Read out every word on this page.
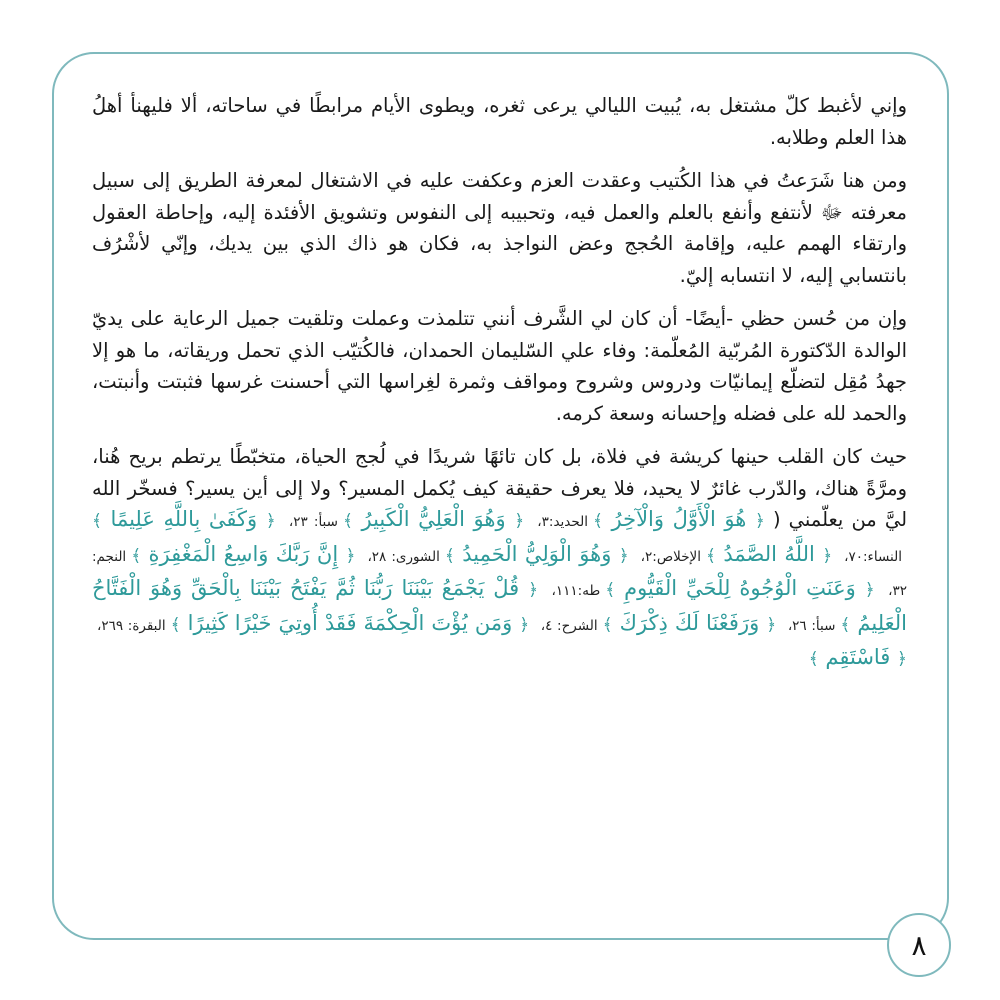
وإني لأغبط كلّ مشتغل به، يُبيت الليالي يرعى ثغره، ويطوى الأيام مرابطًا في ساحاته، ألا فليهنأ أهلُ هذا العلم وطلابه.

ومن هنا شَرَعتُ في هذا الكُتيب وعقدت العزم وعكفت عليه في الاشتغال لمعرفة الطريق إلى سبيل معرفته ﷻ لأنتفع وأنفع بالعلم والعمل فيه، وتحبيبه إلى النفوس وتشويق الأفئدة إليه، وإحاطة العقول وارتقاء الهمم عليه، وإقامة الحُجج وعض النواجذ به، فكان هو ذاك الذي بين يديك، وإنّي لأشْرُف بانتسابي إليه، لا انتسابه إليّ.

وإن من حُسن حظي -أيضًا- أن كان لي الشَّرف أنني تتلمذت وعملت وتلقيت جميل الرعاية على يديّ الوالدة الدّكتورة المُربّية المُعلّمة: وفاء علي السّليمان الحمدان، فالكُتيّب الذي تحمل وريقاته، ما هو إلا جهدُ مُقِل لتضلّع إيمانيّات ودروس وشروح ومواقف وثمرة لغِراسها التي أحسنت غرسها فثبتت وأنبتت، والحمد لله على فضله وإحسانه وسعة كرمه.

حيث كان القلب حينها كريشة في فلاة، بل كان تائهًا شريدًا في لُجج الحياة، متخبّطًا يرتطم بريح هُنا، ومرَّةً هناك، والدّرب غائرٌ لا يحيد، فلا يعرف حقيقة كيف يُكمل المسير؟ ولا إلى أين يسير؟ فسخّر الله ليَّ من يعلّمني ( ﴿ هُوَ الْأَوَّلُ وَالْآخِرُ ﴾الحديد:٣، ﴿ وَهُوَ الْعَلِيُّ الْكَبِيرُ ﴾سبأ: ٢٣، ﴿ وَكَفَىٰ بِاللَّهِ عَلِيمًا ﴾النساء:٧٠، ﴿ اللَّهُ الصَّمَدُ ﴾الإخلاص:٢، ﴿ وَهُوَ الْوَلِيُّ الْحَمِيدُ ﴾الشورى: ٢٨، ﴿ إِنَّ رَبَّكَ وَاسِعُ الْمَغْفِرَةِ ﴾النجم: ٣٢، ﴿ وَعَنَتِ الْوُجُوهُ لِلْحَيِّ الْقَيُّومِ ﴾طه:١١١، ﴿ قُلْ يَجْمَعُ بَيْنَنَا رَبُّنَا ثُمَّ يَفْتَحُ بَيْنَنَا بِالْحَقِّ وَهُوَ الْفَتَّاحُ الْعَلِيمُ ﴾سبأ: ٢٦، ﴿ وَرَفَعْنَا لَكَ ذِكْرَكَ ﴾الشرح: ٤، ﴿ وَمَن يُؤْتَ الْحِكْمَةَ فَقَدْ أُوتِيَ خَيْرًا كَثِيرًا ﴾البقرة: ٢٦٩، ﴿ فَاسْتَقِم ﴾

٨
